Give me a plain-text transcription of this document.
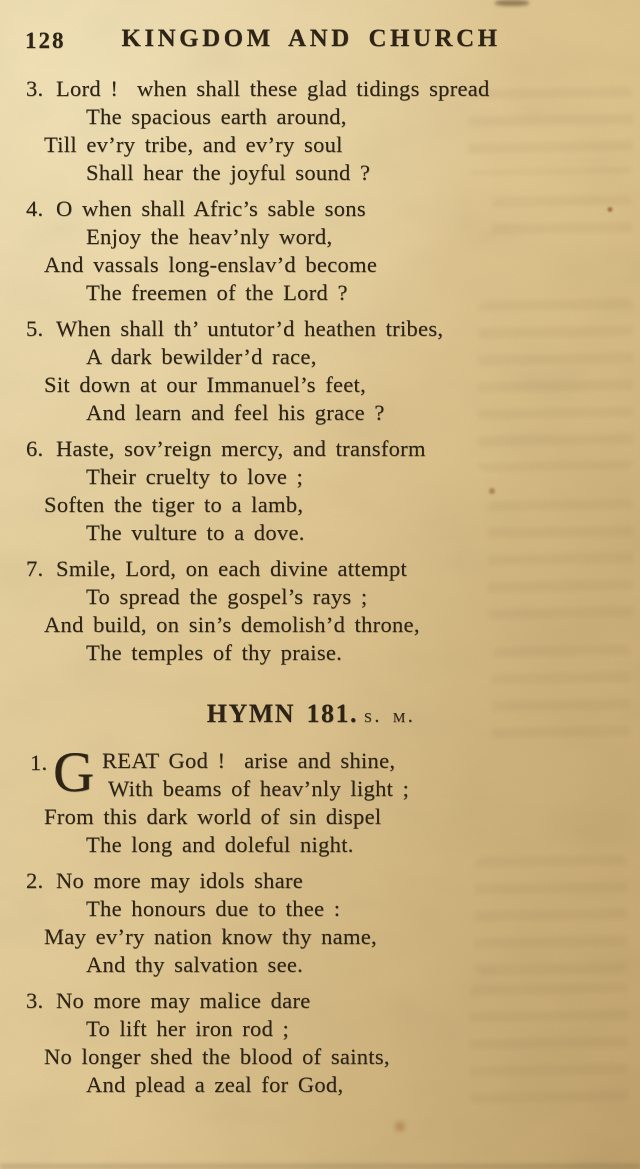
128	KINGDOM AND CHURCH
3. Lord !  when shall these glad tidings spread
The spacious earth around,
Till ev’ry tribe, and ev’ry soul
Shall hear the joyful sound ?
4. O when shall Afric’s sable sons
Enjoy the heav’nly word,
And vassals long-enslav’d become
The freemen of the Lord ?
5. When shall th’ untutor’d heathen tribes,
A dark bewilder’d race,
Sit down at our Immanuel’s feet,
And learn and feel his grace ?
6. Haste, sov’reign mercy, and transform
Their cruelty to love ;
Soften the tiger to a lamb,
The vulture to a dove.
7. Smile, Lord, on each divine attempt
To spread the gospel’s rays ;
And build, on sin’s demolish’d throne,
The temples of thy praise.
HYMN 181. s. m.
1. G REAT God !  arise and shine,
With beams of heav’nly light ;
From this dark world of sin dispel
The long and doleful night.
2. No more may idols share
The honours due to thee :
May ev’ry nation know thy name,
And thy salvation see.
3. No more may malice dare
To lift her iron rod ;
No longer shed the blood of saints,
And plead a zeal for God,
